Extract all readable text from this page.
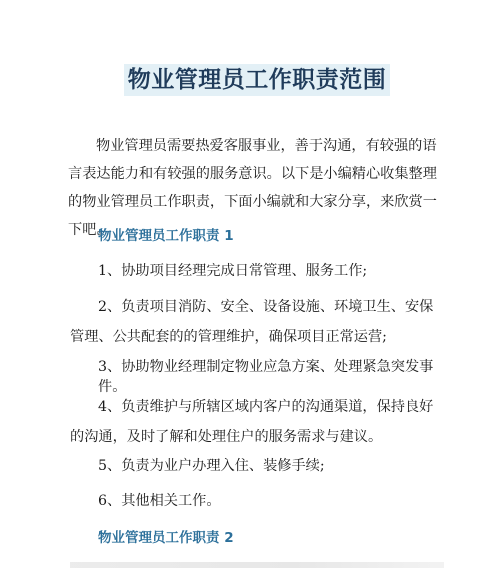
物业管理员工作职责范围

物业管理员需要热爱客服事业，善于沟通，有较强的语言表达能力和有较强的服务意识。以下是小编精心收集整理的物业管理员工作职责，下面小编就和大家分享，来欣赏一下吧。

物业管理员工作职责 1

1、协助项目经理完成日常管理、服务工作;

2、负责项目消防、安全、设备设施、环境卫生、安保管理、公共配套的的管理维护，确保项目正常运营;

3、协助物业经理制定物业应急方案、处理紧急突发事件。

4、负责维护与所辖区域内客户的沟通渠道，保持良好的沟通，及时了解和处理住户的服务需求与建议。

5、负责为业户办理入住、装修手续;

6、其他相关工作。

物业管理员工作职责 2
